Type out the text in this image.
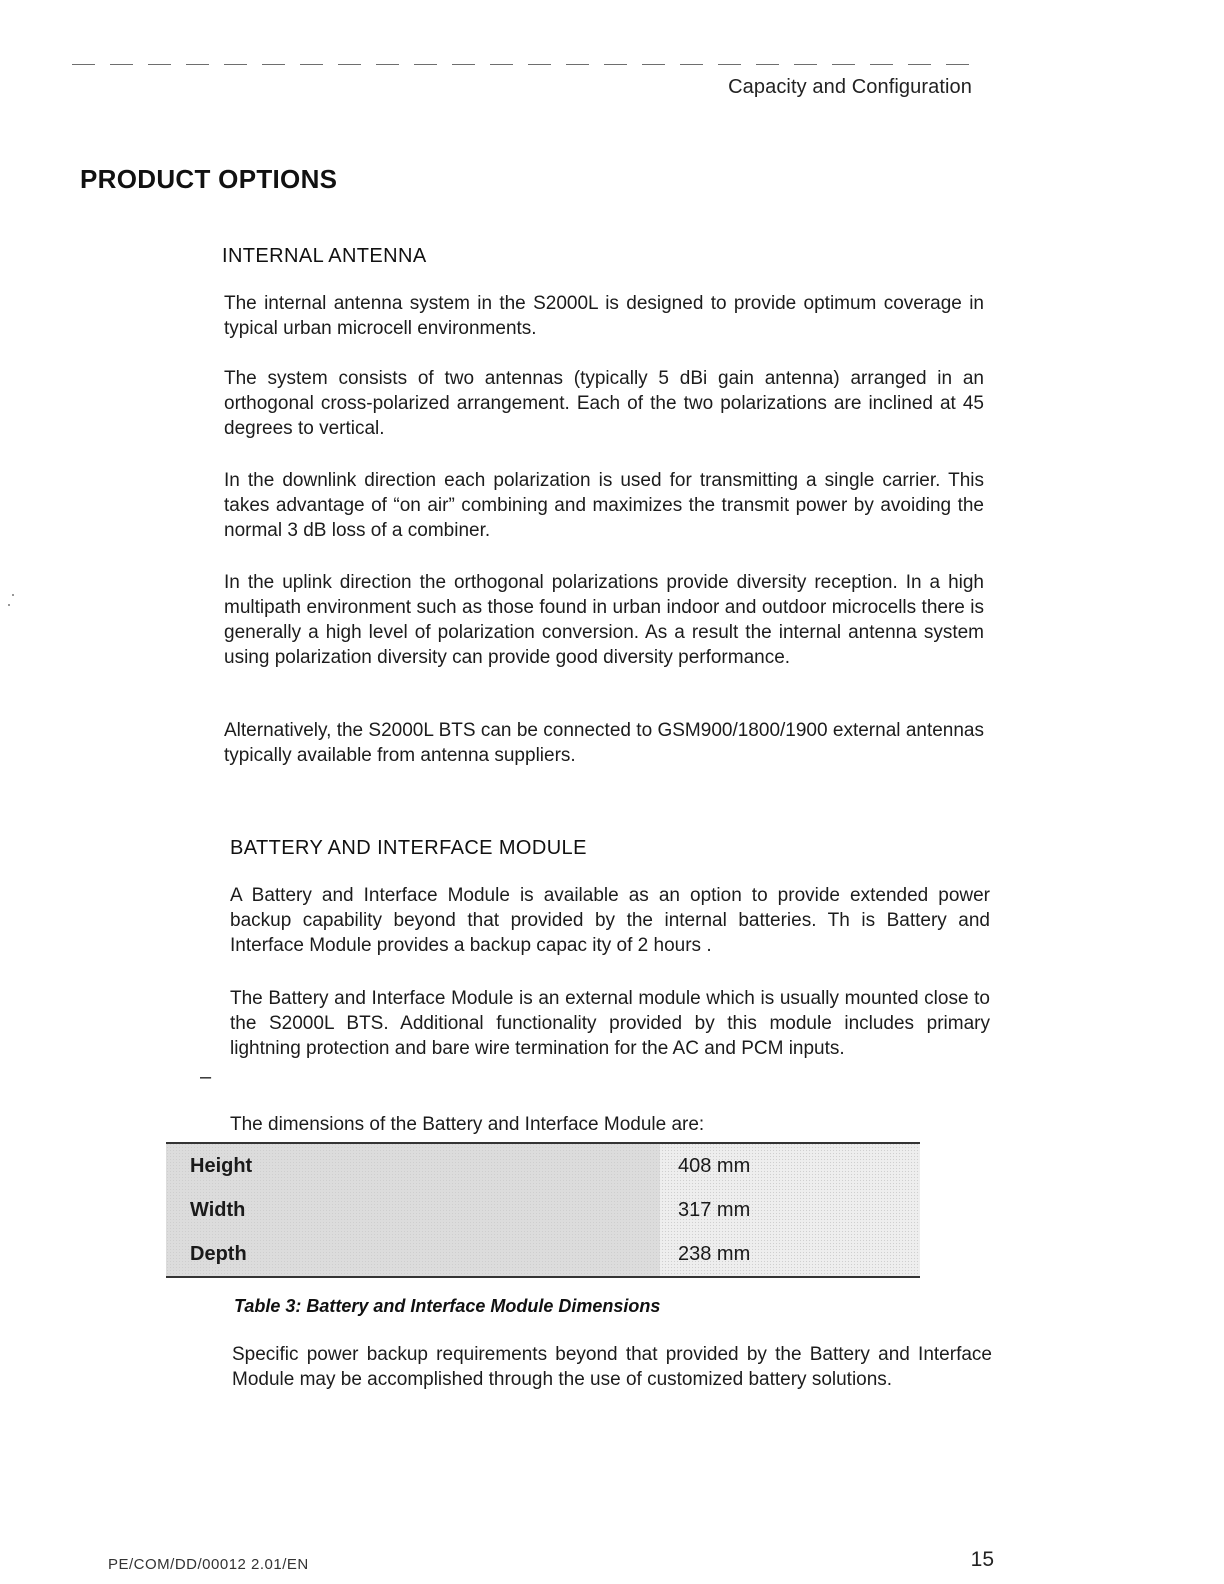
Capacity and Configuration
PRODUCT OPTIONS
INTERNAL ANTENNA
The internal antenna system in the S2000L is designed to provide optimum coverage in typical urban microcell environments.
The system consists of two antennas (typically 5 dBi gain antenna) arranged in an orthogonal cross-polarized arrangement. Each of the two polarizations are inclined at 45 degrees to vertical.
In the downlink direction each polarization is used for transmitting a single carrier. This takes advantage of “on air” combining and maximizes the transmit power by avoiding the normal 3 dB loss of a combiner.
In the uplink direction the orthogonal polarizations provide diversity reception. In a high multipath environment such as those found in urban indoor and outdoor microcells there is generally a high level of polarization conversion. As a result the internal antenna system using polarization diversity can provide good diversity performance.
Alternatively, the S2000L BTS can be connected to GSM900/1800/1900 external antennas typically available from antenna suppliers.
BATTERY AND INTERFACE MODULE
A Battery and Interface Module is available as an option to provide extended power backup capability beyond that provided by the internal batteries. Th is Battery and Interface Module provides a backup capac ity of 2 hours .
The Battery and Interface Module is an external module which is usually mounted close to the S2000L BTS. Additional functionality provided by this module includes primary lightning protection and bare wire termination for the AC and PCM inputs.
–
The dimensions of the Battery and Interface Module are:
Height	408 mm
Width	317 mm
Depth	238 mm
Table 3: Battery and Interface Module Dimensions
Specific power backup requirements beyond that provided by the Battery and Interface Module may be accomplished through the use of customized battery solutions.
PE/COM/DD/00012 2.01/EN	15
